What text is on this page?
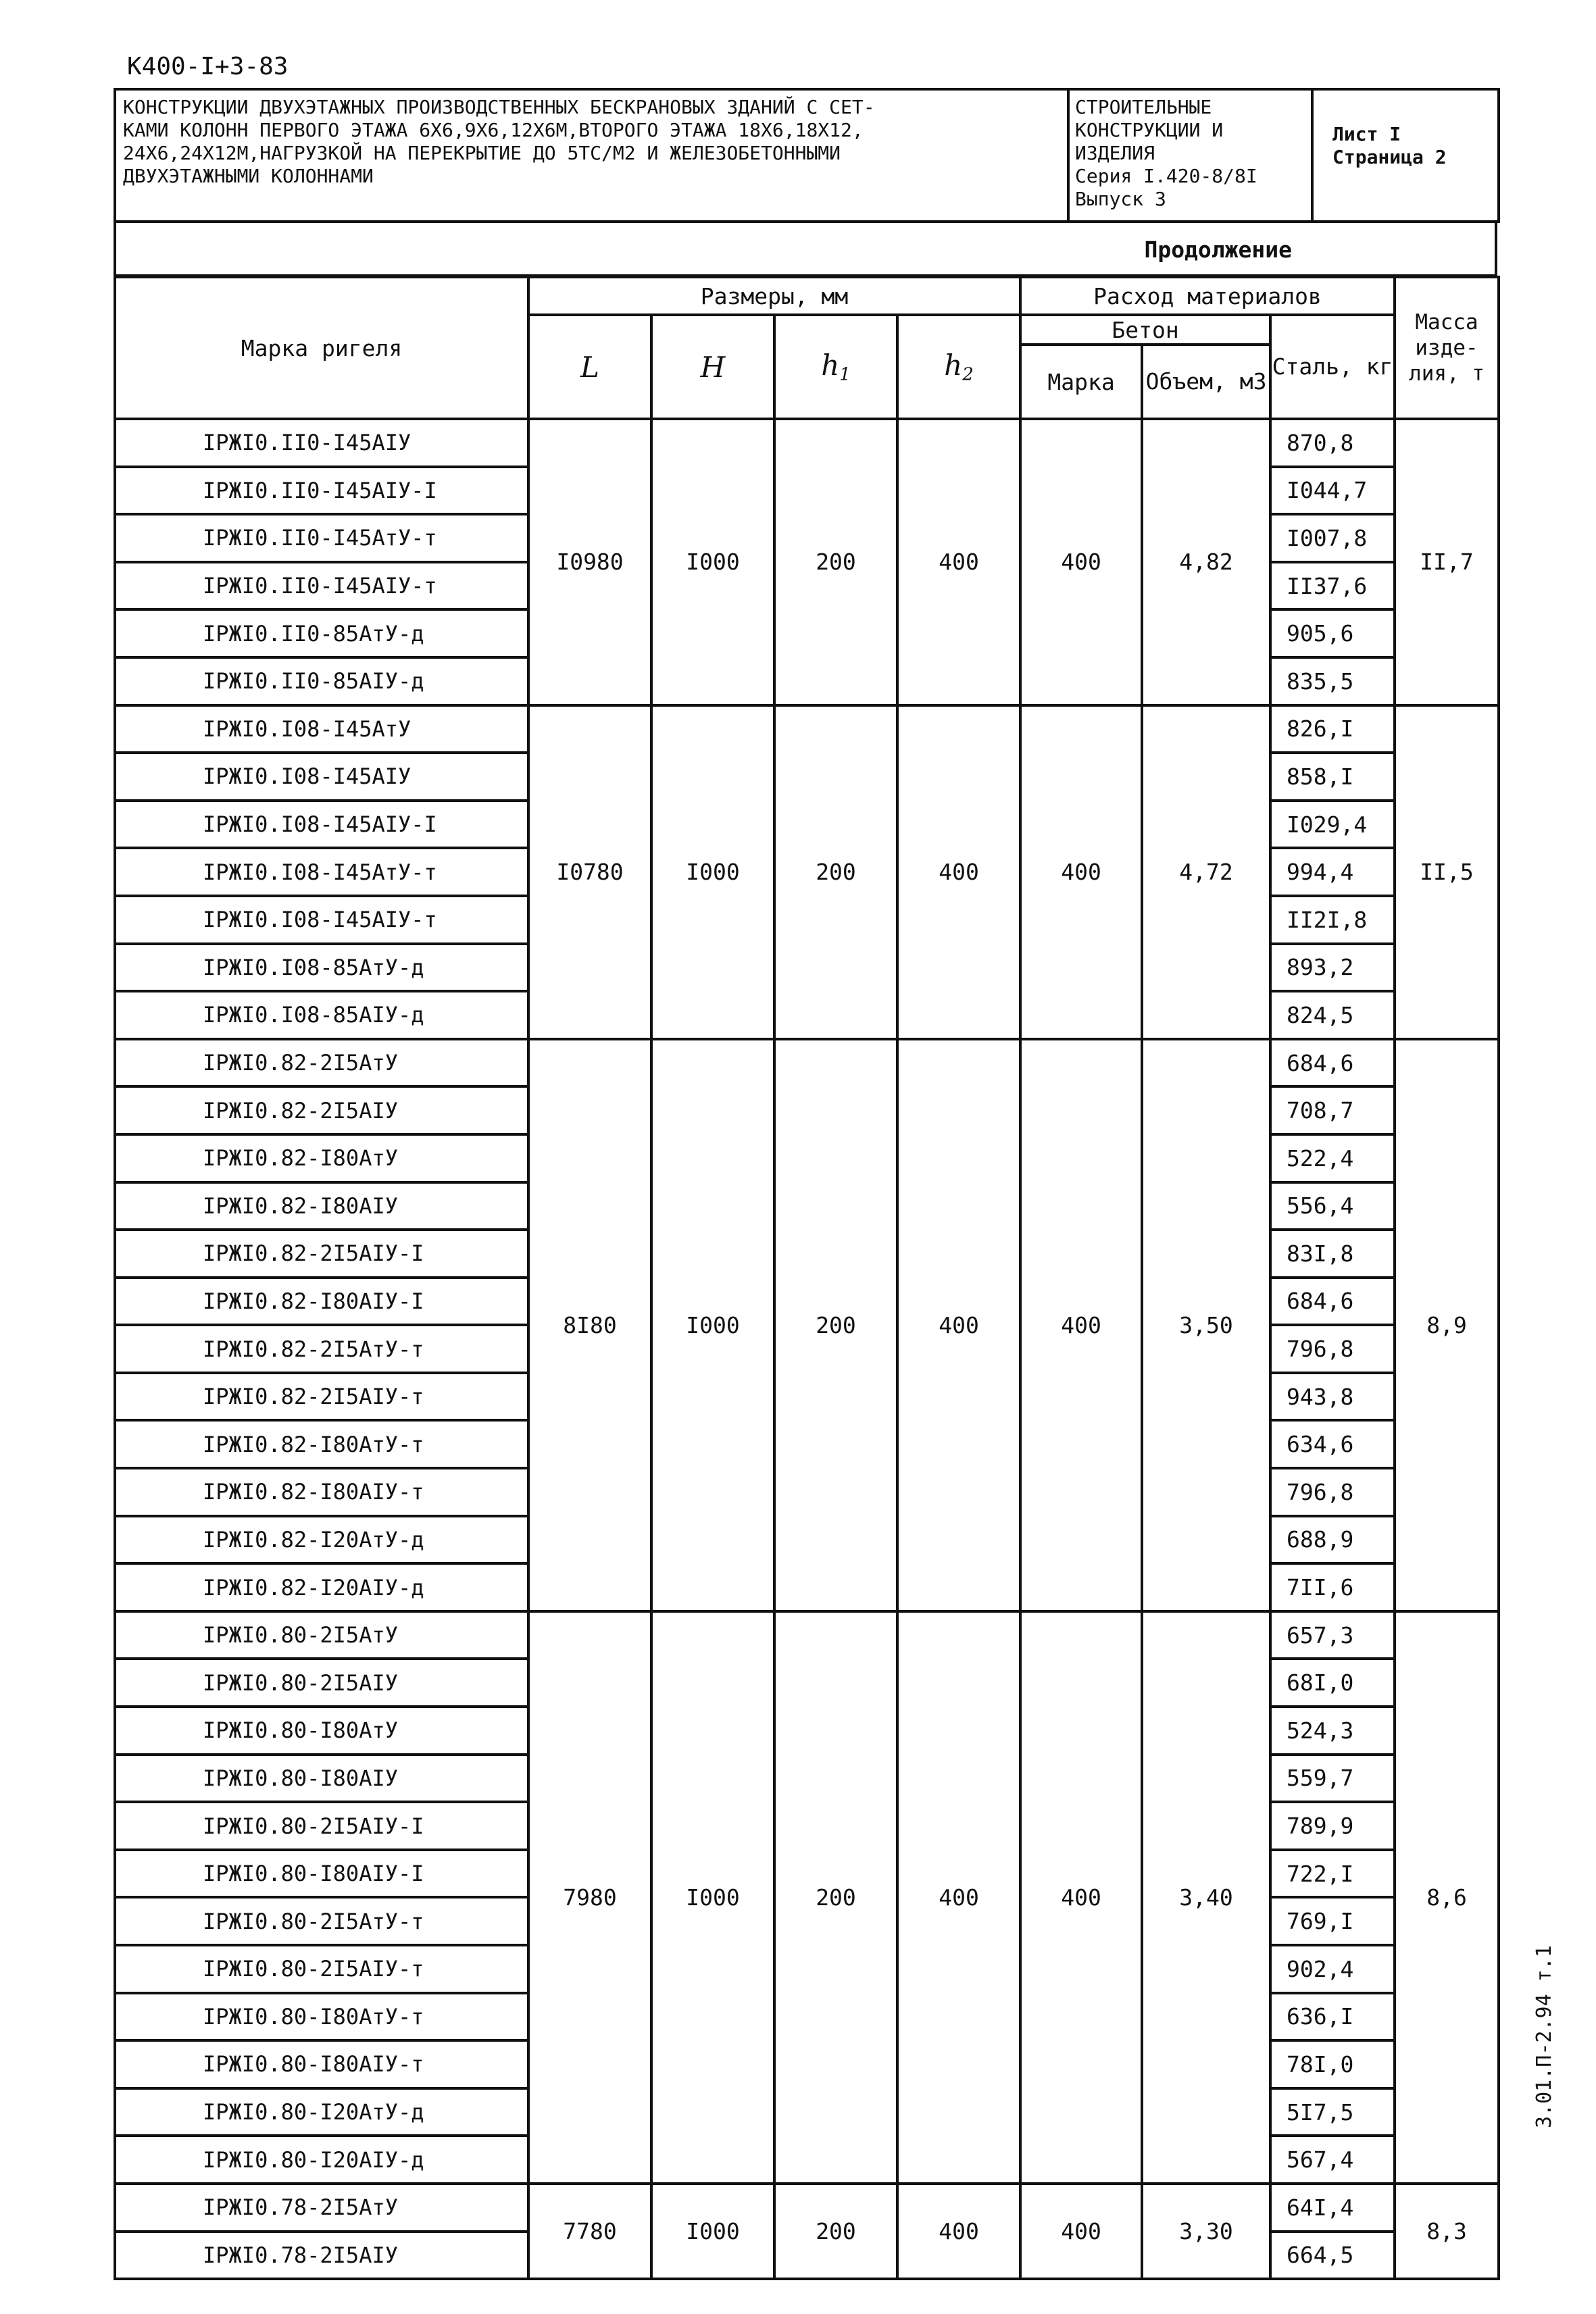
К400-I+3-83
КОНСТРУКЦИИ ДВУХЭТАЖНЫХ ПРОИЗВОДСТВЕННЫХ БЕСКРАНОВЫХ ЗДАНИЙ С СЕТ-
КАМИ КОЛОНН ПЕРВОГО ЭТАЖА 6Х6,9Х6,12Х6М,ВТОРОГО ЭТАЖА 18Х6,18Х12,
24Х6,24Х12М,НАГРУЗКОЙ НА ПЕРЕКРЫТИЕ ДО 5ТС/М2 И ЖЕЛЕЗОБЕТОННЫМИ
ДВУХЭТАЖНЫМИ КОЛОННАМИ

СТРОИТЕЛЬНЫЕ
КОНСТРУКЦИИ И
ИЗДЕЛИЯ
Серия I.420-8/8I
Выпуск 3

Лист I
Страница 2
Продолжение
Марка ригеля	Размеры, мм				Расход материалов			Масса изде-лия, т
	L	H	$h_1$	$h_2$	Бетон		Сталь, кг	
					Марка	Объем, м3		
IРЖI0.II0-I45АIУ	I0980	I000	200	400	400	4,82	870,8	II,7
IРЖI0.II0-I45АIУ-I							I044,7	
IРЖI0.II0-I45АтУ-т							I007,8	
IРЖI0.II0-I45АIУ-т							II37,6	
IРЖI0.II0-85АтУ-д							905,6	
IРЖI0.II0-85АIУ-д							835,5	
IРЖI0.I08-I45АтУ	I0780	I000	200	400	400	4,72	826,I	II,5
IРЖI0.I08-I45АIУ							858,I	
IРЖI0.I08-I45АIУ-I							I029,4	
IРЖI0.I08-I45АтУ-т							994,4	
IРЖI0.I08-I45АIУ-т							II2I,8	
IРЖI0.I08-85АтУ-д							893,2	
IРЖI0.I08-85АIУ-д							824,5	
IРЖI0.82-2I5АтУ	8I80	I000	200	400	400	3,50	684,6	8,9
IРЖI0.82-2I5АIУ							708,7	
IРЖI0.82-I80АтУ							522,4	
IРЖI0.82-I80АIУ							556,4	
IРЖI0.82-2I5АIУ-I							83I,8	
IРЖI0.82-I80АIУ-I							684,6	
IРЖI0.82-2I5АтУ-т							796,8	
IРЖI0.82-2I5АIУ-т							943,8	
IРЖI0.82-I80АтУ-т							634,6	
IРЖI0.82-I80АIУ-т							796,8	
IРЖI0.82-I20АтУ-д							688,9	
IРЖI0.82-I20АIУ-д							7II,6	
IРЖI0.80-2I5АтУ	7980	I000	200	400	400	3,40	657,3	8,6
IРЖI0.80-2I5АIУ							68I,0	
IРЖI0.80-I80АтУ							524,3	
IРЖI0.80-I80АIУ							559,7	
IРЖI0.80-2I5АIУ-I							789,9	
IРЖI0.80-I80АIУ-I							722,I	
IРЖI0.80-2I5АтУ-т							769,I	
IРЖI0.80-2I5АIУ-т							902,4	
IРЖI0.80-I80АтУ-т							636,I	
IРЖI0.80-I80АIУ-т							78I,0	
IРЖI0.80-I20АтУ-д							5I7,5	
IРЖI0.80-I20АIУ-д							567,4	
IРЖI0.78-2I5АтУ	7780	I000	200	400	400	3,30	64I,4	8,3
IРЖI0.78-2I5АIУ							664,5	
3.01.П-2.94 т.1
